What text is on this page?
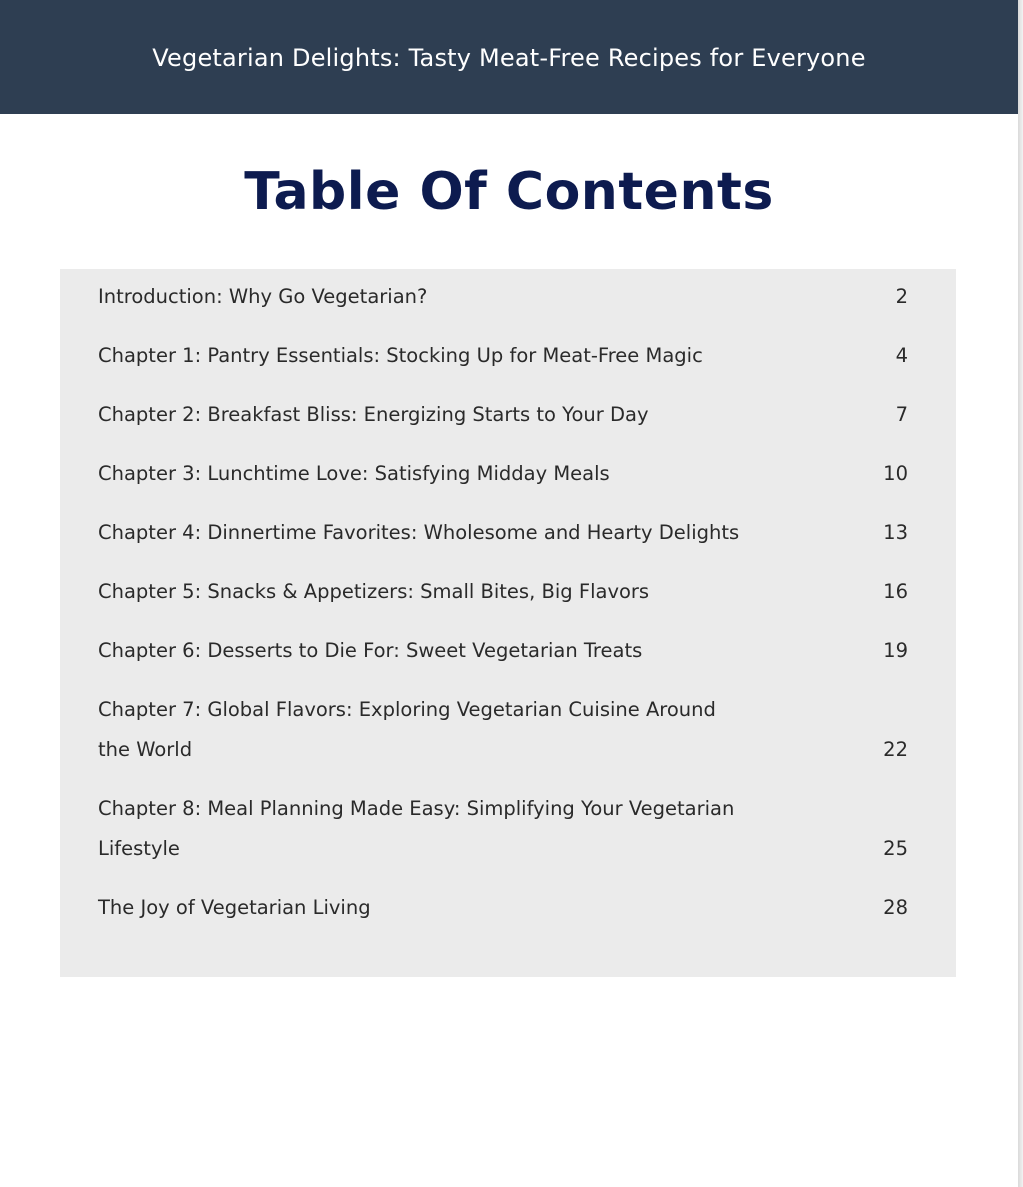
Vegetarian Delights: Tasty Meat-Free Recipes for Everyone
Table Of Contents
Introduction: Why Go Vegetarian?	2
Chapter 1: Pantry Essentials: Stocking Up for Meat-Free Magic	4
Chapter 2: Breakfast Bliss: Energizing Starts to Your Day	7
Chapter 3: Lunchtime Love: Satisfying Midday Meals	10
Chapter 4: Dinnertime Favorites: Wholesome and Hearty Delights	13
Chapter 5: Snacks & Appetizers: Small Bites, Big Flavors	16
Chapter 6: Desserts to Die For: Sweet Vegetarian Treats	19
Chapter 7: Global Flavors: Exploring Vegetarian Cuisine Around the World	22
Chapter 8: Meal Planning Made Easy: Simplifying Your Vegetarian Lifestyle	25
The Joy of Vegetarian Living	28
